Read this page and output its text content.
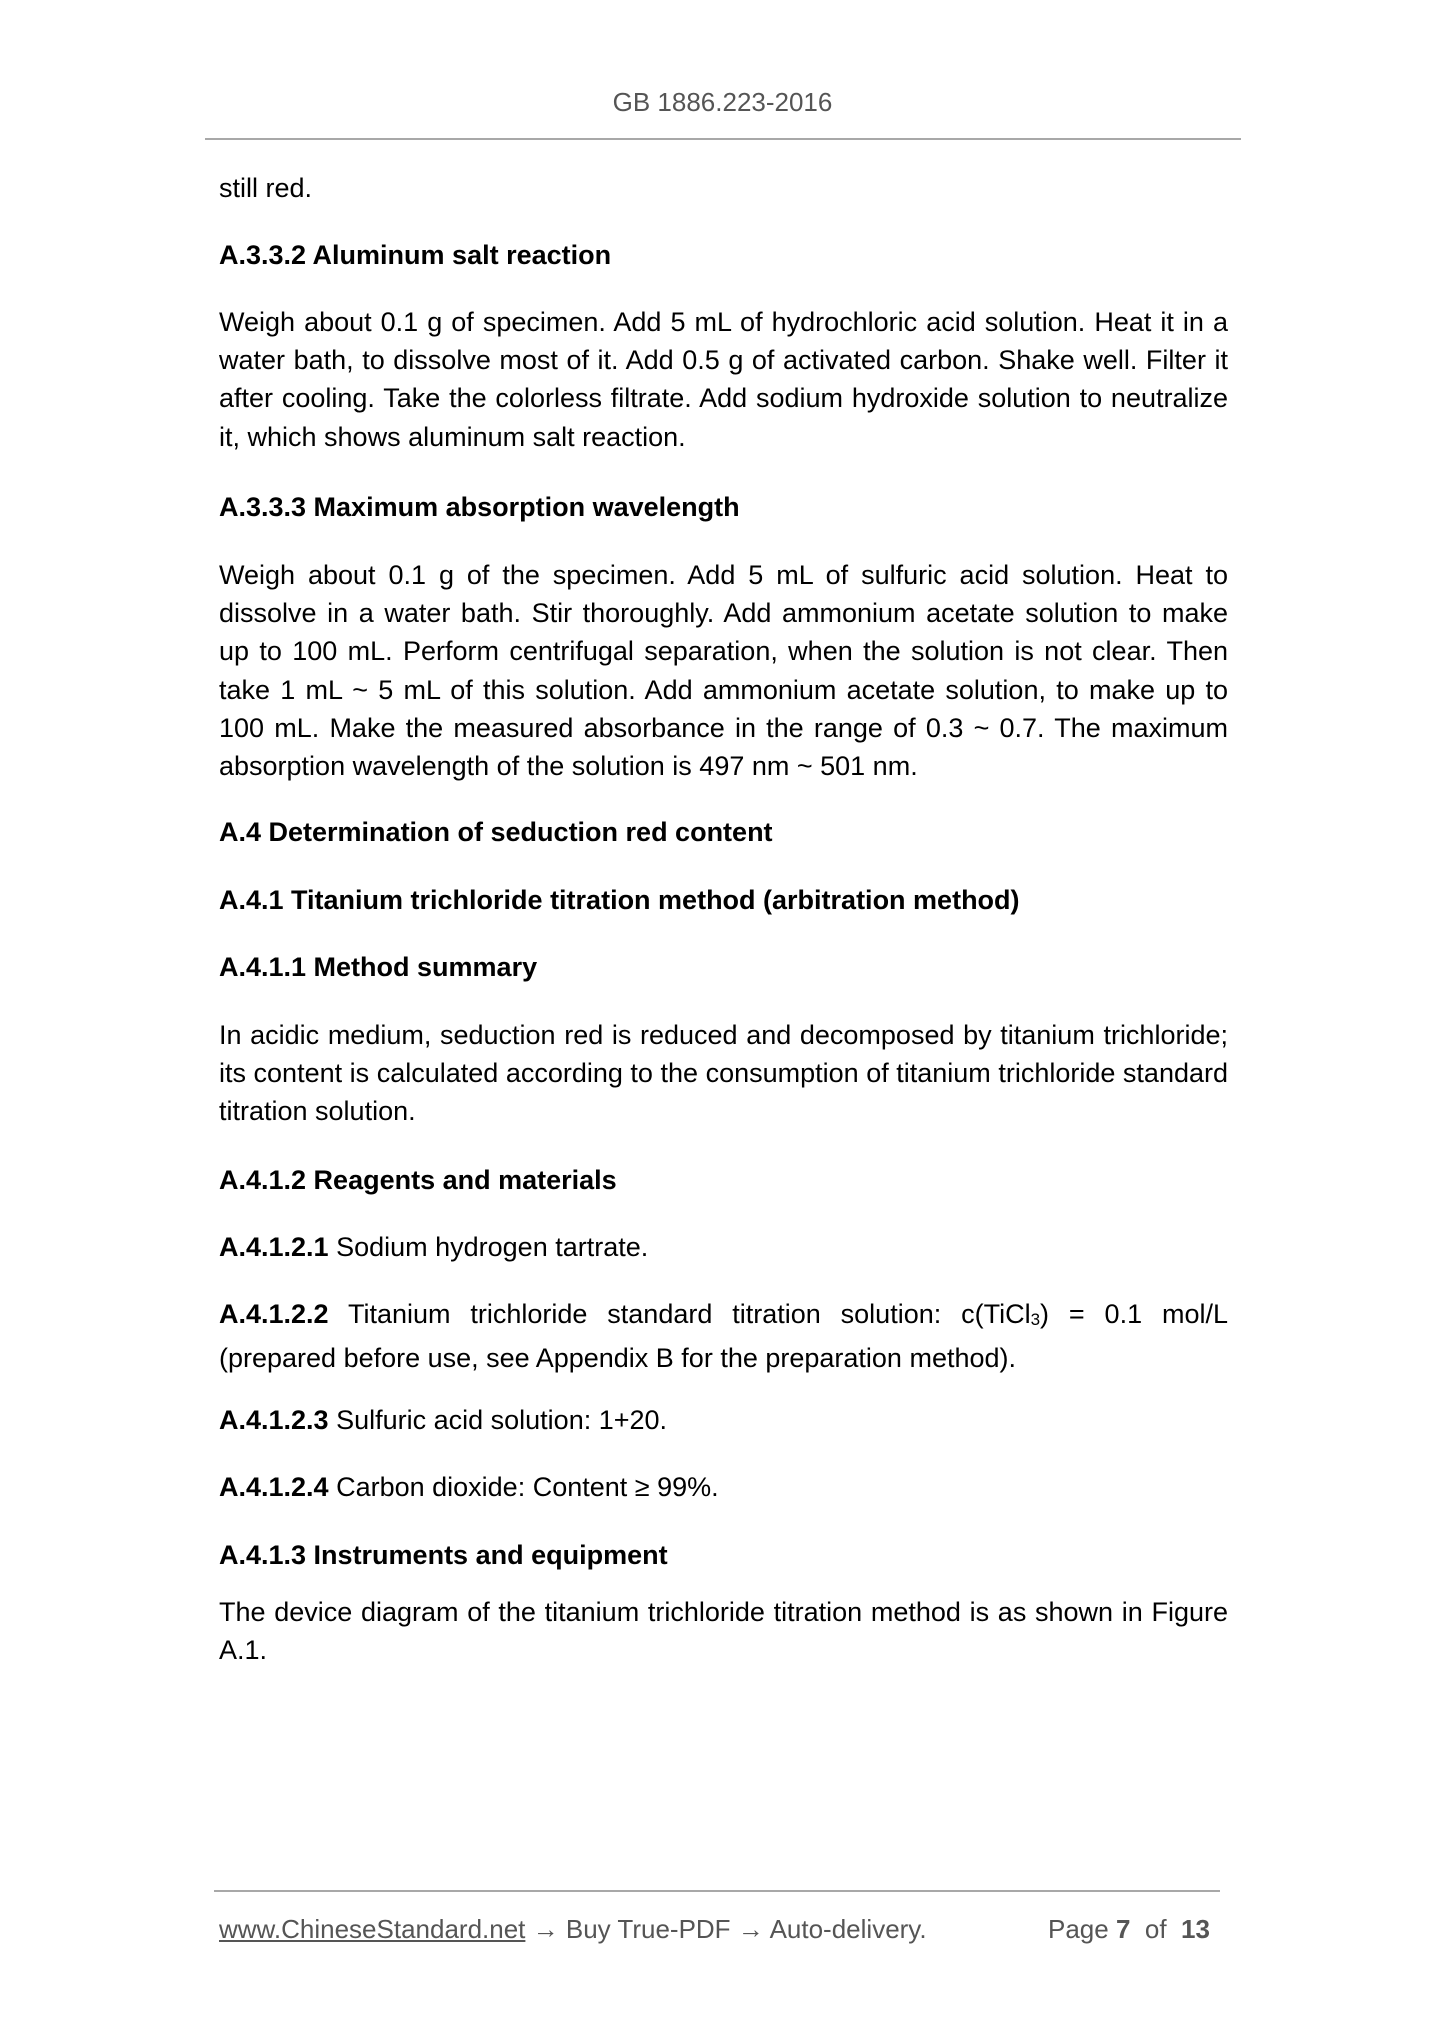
GB 1886.223-2016

still red.

A.3.3.2 Aluminum salt reaction

Weigh about 0.1 g of specimen. Add 5 mL of hydrochloric acid solution. Heat it in a water bath, to dissolve most of it. Add 0.5 g of activated carbon. Shake well. Filter it after cooling. Take the colorless filtrate. Add sodium hydroxide solution to neutralize it, which shows aluminum salt reaction.

A.3.3.3 Maximum absorption wavelength

Weigh about 0.1 g of the specimen. Add 5 mL of sulfuric acid solution. Heat to dissolve in a water bath. Stir thoroughly. Add ammonium acetate solution to make up to 100 mL. Perform centrifugal separation, when the solution is not clear. Then take 1 mL ~ 5 mL of this solution. Add ammonium acetate solution, to make up to 100 mL. Make the measured absorbance in the range of 0.3 ~ 0.7. The maximum absorption wavelength of the solution is 497 nm ~ 501 nm.

A.4 Determination of seduction red content

A.4.1 Titanium trichloride titration method (arbitration method)

A.4.1.1 Method summary

In acidic medium, seduction red is reduced and decomposed by titanium trichloride; its content is calculated according to the consumption of titanium trichloride standard titration solution.

A.4.1.2 Reagents and materials

A.4.1.2.1 Sodium hydrogen tartrate.

A.4.1.2.2 Titanium trichloride standard titration solution: c(TiCl$_3$) = 0.1 mol/L (prepared before use, see Appendix B for the preparation method).

A.4.1.2.3 Sulfuric acid solution: 1+20.

A.4.1.2.4 Carbon dioxide: Content ≥ 99%.

A.4.1.3 Instruments and equipment

The device diagram of the titanium trichloride titration method is as shown in Figure A.1.

www.ChineseStandard.net → Buy True-PDF → Auto-delivery.	Page 7  of  13
